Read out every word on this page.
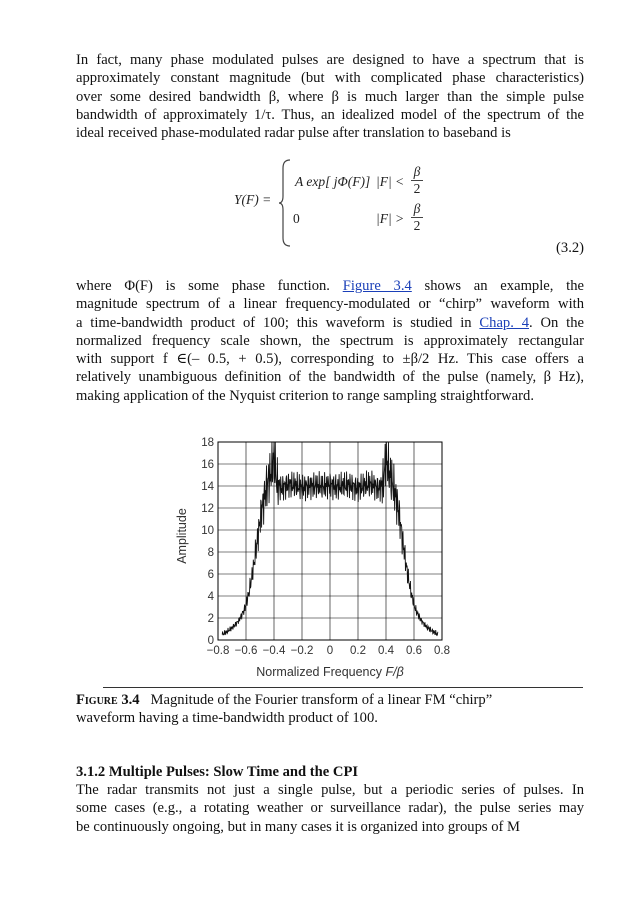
In fact, many phase modulated pulses are designed to have a spectrum that is
approximately constant magnitude (but with complicated phase characteristics)
over some desired bandwidth β, where β is much larger than the simple pulse
bandwidth of approximately 1/τ. Thus, an idealized model of the spectrum of the
ideal received phase-modulated radar pulse after translation to baseband is
Y(F) =
A exp[ jΦ(F)] $|F| < \frac{\beta}{2}$
0	$|F| > \frac{\beta}{2}$
(3.2)
where Φ(F) is some phase function. Figure 3.4 shows an example, the
magnitude spectrum of a linear frequency-modulated or “chirp” waveform with
a time-bandwidth product of 100; this waveform is studied in Chap. 4. On the
normalized frequency scale shown, the spectrum is approximately rectangular
with support f ∈(– 0.5, + 0.5), corresponding to ±β/2 Hz. This case offers a
relatively unambiguous definition of the bandwidth of the pulse (namely, β Hz),
making application of the Nyquist criterion to range sampling straightforward.
Amplitude
Normalized Frequency F/β
0
2
4
6
8
10
12
14
16
18
−0.8 −0.6 −0.4 −0.2 0 0.2 0.4 0.6 0.8
Figure 3.4 Magnitude of the Fourier transform of a linear FM “chirp”
waveform having a time-bandwidth product of 100.
3.1.2 Multiple Pulses: Slow Time and the CPI
The radar transmits not just a single pulse, but a periodic series of pulses. In
some cases (e.g., a rotating weather or surveillance radar), the pulse series may
be continuously ongoing, but in many cases it is organized into groups of M
